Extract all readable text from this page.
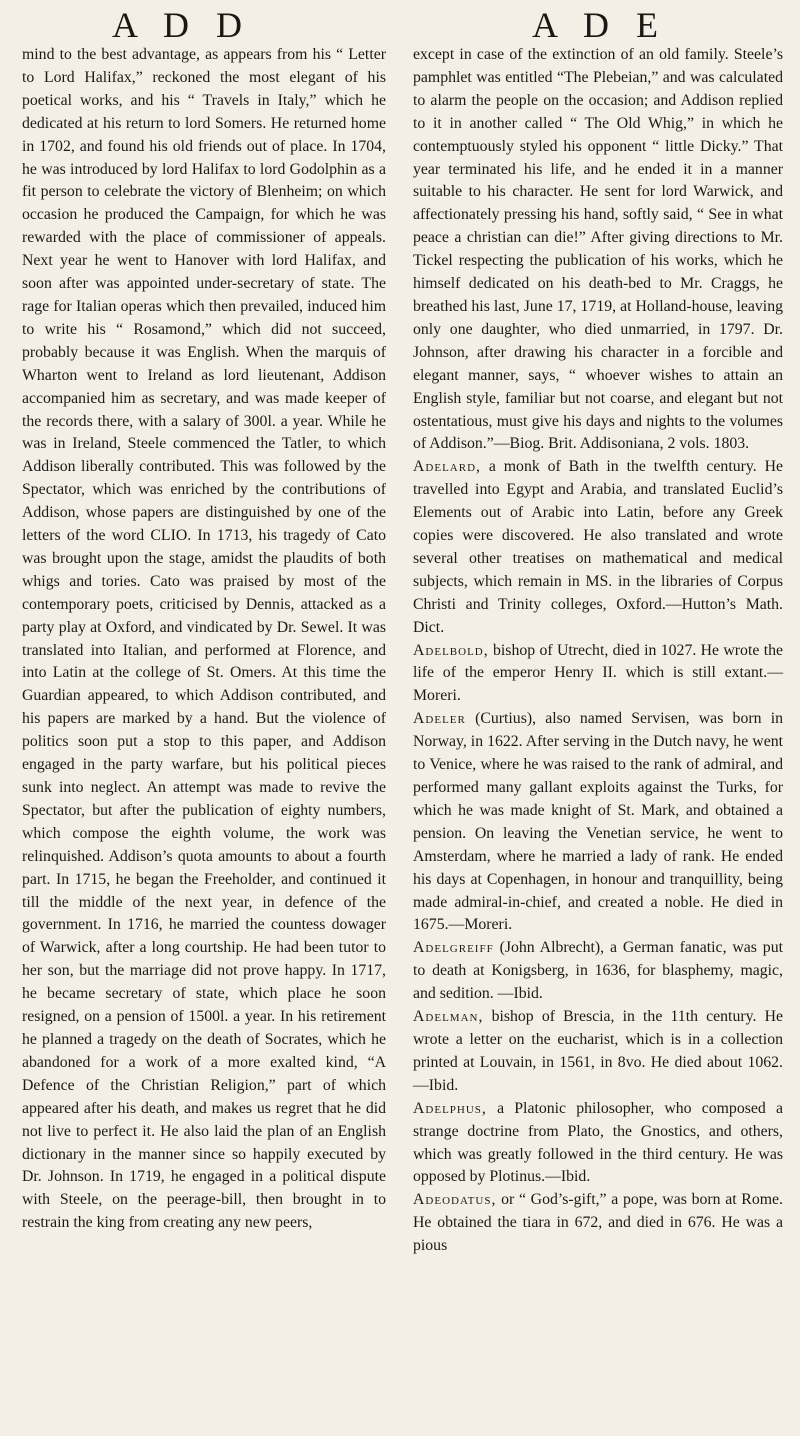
A D D	A D E

mind to the best advantage, as appears from his “ Letter to Lord Halifax,” reckoned the most elegant of his poetical works, and his “ Travels in Italy,” which he dedicated at his return to lord Somers. He returned home in 1702, and found his old friends out of place. In 1704, he was introduced by lord Halifax to lord Godolphin as a fit person to celebrate the victory of Blenheim; on which occasion he produced the Campaign, for which he was rewarded with the place of commissioner of appeals. Next year he went to Hanover with lord Halifax, and soon after was appointed under-secretary of state. The rage for Italian operas which then prevailed, induced him to write his “ Rosamond,” which did not succeed, probably because it was English. When the marquis of Wharton went to Ireland as lord lieutenant, Addison accompanied him as secretary, and was made keeper of the records there, with a salary of 300l. a year. While he was in Ireland, Steele commenced the Tatler, to which Addison liberally contributed. This was followed by the Spectator, which was enriched by the contributions of Addison, whose papers are distinguished by one of the letters of the word CLIO. In 1713, his tragedy of Cato was brought upon the stage, amidst the plaudits of both whigs and tories. Cato was praised by most of the contemporary poets, criticised by Dennis, attacked as a party play at Oxford, and vindicated by Dr. Sewel. It was translated into Italian, and performed at Florence, and into Latin at the college of St. Omers. At this time the Guardian appeared, to which Addison contributed, and his papers are marked by a hand. But the violence of politics soon put a stop to this paper, and Addison engaged in the party warfare, but his political pieces sunk into neglect. An attempt was made to revive the Spectator, but after the publication of eighty numbers, which compose the eighth volume, the work was relinquished. Addison’s quota amounts to about a fourth part. In 1715, he began the Freeholder, and continued it till the middle of the next year, in defence of the government. In 1716, he married the countess dowager of Warwick, after a long courtship. He had been tutor to her son, but the marriage did not prove happy. In 1717, he became secretary of state, which place he soon resigned, on a pension of 1500l. a year. In his retirement he planned a tragedy on the death of Socrates, which he abandoned for a work of a more exalted kind, “A Defence of the Christian Religion,” part of which appeared after his death, and makes us regret that he did not live to perfect it. He also laid the plan of an English dictionary in the manner since so happily executed by Dr. Johnson. In 1719, he engaged in a political dispute with Steele, on the peerage-bill, then brought in to restrain the king from creating any new peers,

except in case of the extinction of an old family. Steele’s pamphlet was entitled “The Plebeian,” and was calculated to alarm the people on the occasion; and Addison replied to it in another called “ The Old Whig,” in which he contemptuously styled his opponent “ little Dicky.” That year terminated his life, and he ended it in a manner suitable to his character. He sent for lord Warwick, and affectionately pressing his hand, softly said, “ See in what peace a christian can die!” After giving directions to Mr. Tickel respecting the publication of his works, which he himself dedicated on his death-bed to Mr. Craggs, he breathed his last, June 17, 1719, at Holland-house, leaving only one daughter, who died unmarried, in 1797. Dr. Johnson, after drawing his character in a forcible and elegant manner, says, “ whoever wishes to attain an English style, familiar but not coarse, and elegant but not ostentatious, must give his days and nights to the volumes of Addison.”—Biog. Brit. Addisoniana, 2 vols. 1803.

Adelard, a monk of Bath in the twelfth century. He travelled into Egypt and Arabia, and translated Euclid’s Elements out of Arabic into Latin, before any Greek copies were discovered. He also translated and wrote several other treatises on mathematical and medical subjects, which remain in MS. in the libraries of Corpus Christi and Trinity colleges, Oxford.—Hutton’s Math. Dict.

Adelbold, bishop of Utrecht, died in 1027. He wrote the life of the emperor Henry II. which is still extant.—Moreri.

Adeler (Curtius), also named Servisen, was born in Norway, in 1622. After serving in the Dutch navy, he went to Venice, where he was raised to the rank of admiral, and performed many gallant exploits against the Turks, for which he was made knight of St. Mark, and obtained a pension. On leaving the Venetian service, he went to Amsterdam, where he married a lady of rank. He ended his days at Copenhagen, in honour and tranquillity, being made admiral-in-chief, and created a noble. He died in 1675.—Moreri.

Adelgreiff (John Albrecht), a German fanatic, was put to death at Konigsberg, in 1636, for blasphemy, magic, and sedition. —Ibid.

Adelman, bishop of Brescia, in the 11th century. He wrote a letter on the eucharist, which is in a collection printed at Louvain, in 1561, in 8vo. He died about 1062. —Ibid.

Adelphus, a Platonic philosopher, who composed a strange doctrine from Plato, the Gnostics, and others, which was greatly followed in the third century. He was opposed by Plotinus.—Ibid.

Adeodatus, or “ God’s-gift,” a pope, was born at Rome. He obtained the tiara in 672, and died in 676. He was a pious
